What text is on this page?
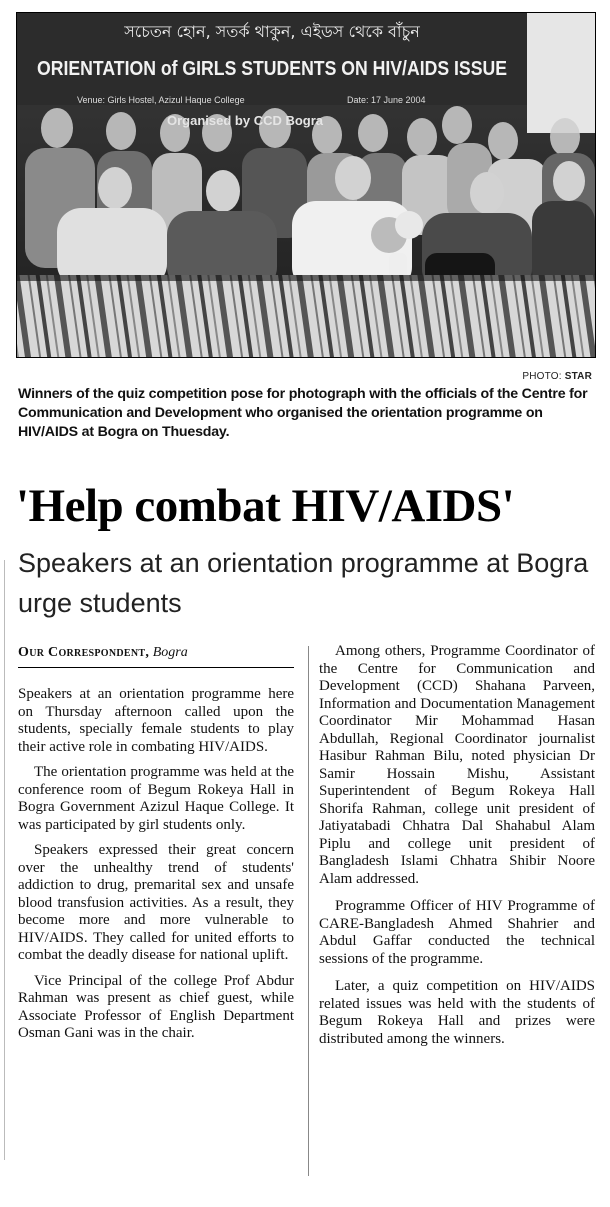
সচেতন হোন, সতর্ক থাকুন, এইডস থেকে বাঁচুন
ORIENTATION of GIRLS STUDENTS ON HIV/AIDS ISSUE
Venue: Girls Hostel, Azizul Haque College	Date: 17 June 2004
Organised by CCD Bogra
PHOTO: STAR
Winners of the quiz competition pose for photograph with the officials of the Centre for Communication and Development who organised the orientation programme on HIV/AIDS at Bogra on Thuesday.
'Help combat HIV/AIDS'
Speakers at an orientation programme at Bogra urge students
Our Correspondent, Bogra

Speakers at an orientation programme here on Thursday afternoon called upon the students, specially female students to play their active role in combating HIV/AIDS.

The orientation programme was held at the conference room of Begum Rokeya Hall in Bogra Government Azizul Haque College. It was participated by girl students only.

Speakers expressed their great concern over the unhealthy trend of students' addiction to drug, premarital sex and unsafe blood transfusion activities. As a result, they become more and more vulnerable to HIV/AIDS. They called for united efforts to combat the deadly disease for national uplift.

Vice Principal of the college Prof Abdur Rahman was present as chief guest, while Associate Professor of English Department Osman Gani was in the chair.

Among others, Programme Coordinator of the Centre for Communication and Development (CCD) Shahana Parveen, Information and Documentation Management Coordinator Mir Mohammad Hasan Abdullah, Regional Coordinator journalist Hasibur Rahman Bilu, noted physician Dr Samir Hossain Mishu, Assistant Superintendent of Begum Rokeya Hall Shorifa Rahman, college unit president of Jatiyatabadi Chhatra Dal Shahabul Alam Piplu and college unit president of Bangladesh Islami Chhatra Shibir Noore Alam addressed.

Programme Officer of HIV Programme of CARE-Bangladesh Ahmed Shahrier and Abdul Gaffar conducted the technical sessions of the programme.

Later, a quiz competition on HIV/AIDS related issues was held with the students of Begum Rokeya Hall and prizes were distributed among the winners.
